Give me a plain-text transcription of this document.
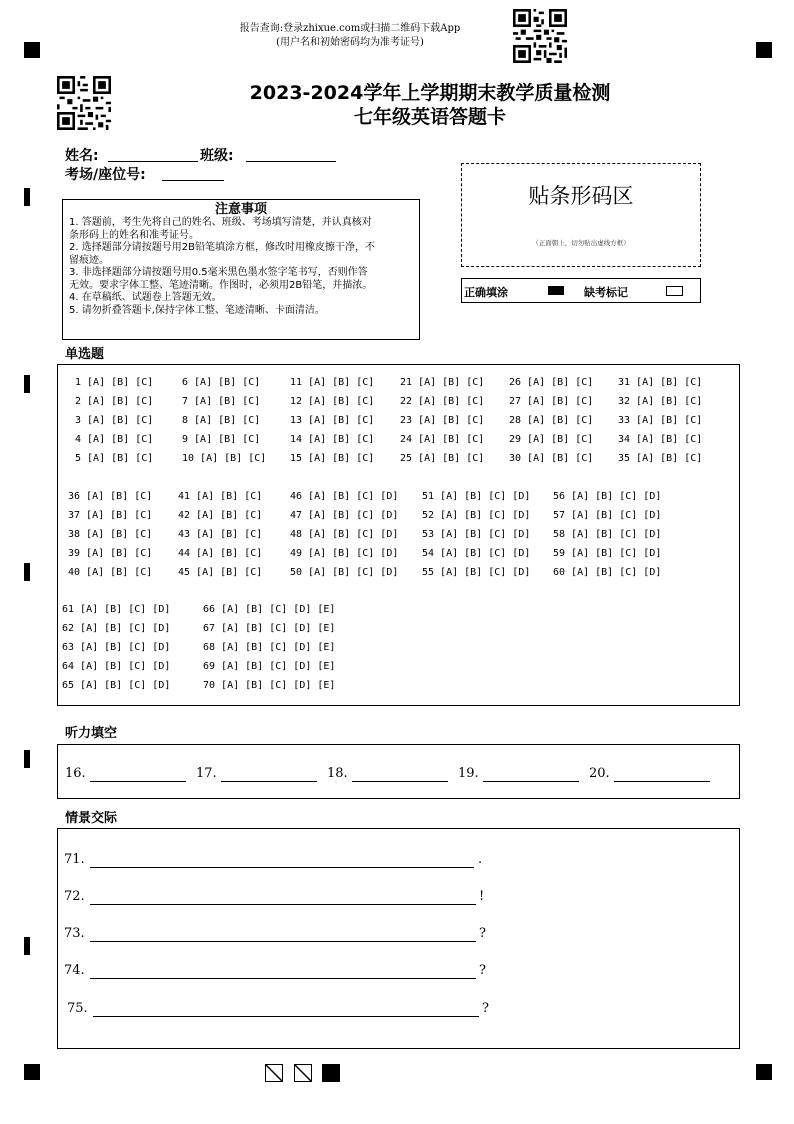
报告查询:登录zhixue.com或扫描二维码下载App
(用户名和初始密码均为准考证号)
2023-2024学年上学期期末教学质量检测
七年级英语答题卡
姓名:	班级:
考场/座位号:
注意事项
1. 答题前，考生先将自己的姓名、班级、考场填写清楚，并认真核对
条形码上的姓名和准考证号。
2. 选择题部分请按题号用2B铅笔填涂方框，修改时用橡皮擦干净，不
留痕迹。
3. 非选择题部分请按题号用0.5毫米黑色墨水签字笔书写，否则作答
无效。要求字体工整、笔迹清晰。作图时，必须用2B铅笔，并描浓。
4. 在草稿纸、试题卷上答题无效。
5. 请勿折叠答题卡,保持字体工整、笔迹清晰、卡面清洁。
贴条形码区
（正面朝上，切勿贴出虚线方框）
正确填涂	缺考标记
单选题
1 [A] [B] [C]
2 [A] [B] [C]
3 [A] [B] [C]
4 [A] [B] [C]
5 [A] [B] [C]
6 [A] [B] [C]
7 [A] [B] [C]
8 [A] [B] [C]
9 [A] [B] [C]
10 [A] [B] [C]
11 [A] [B] [C]
12 [A] [B] [C]
13 [A] [B] [C]
14 [A] [B] [C]
15 [A] [B] [C]
21 [A] [B] [C]
22 [A] [B] [C]
23 [A] [B] [C]
24 [A] [B] [C]
25 [A] [B] [C]
26 [A] [B] [C]
27 [A] [B] [C]
28 [A] [B] [C]
29 [A] [B] [C]
30 [A] [B] [C]
31 [A] [B] [C]
32 [A] [B] [C]
33 [A] [B] [C]
34 [A] [B] [C]
35 [A] [B] [C]
36 [A] [B] [C]
37 [A] [B] [C]
38 [A] [B] [C]
39 [A] [B] [C]
40 [A] [B] [C]
41 [A] [B] [C]
42 [A] [B] [C]
43 [A] [B] [C]
44 [A] [B] [C]
45 [A] [B] [C]
46 [A] [B] [C] [D]
47 [A] [B] [C] [D]
48 [A] [B] [C] [D]
49 [A] [B] [C] [D]
50 [A] [B] [C] [D]
51 [A] [B] [C] [D]
52 [A] [B] [C] [D]
53 [A] [B] [C] [D]
54 [A] [B] [C] [D]
55 [A] [B] [C] [D]
56 [A] [B] [C] [D]
57 [A] [B] [C] [D]
58 [A] [B] [C] [D]
59 [A] [B] [C] [D]
60 [A] [B] [C] [D]
61 [A] [B] [C] [D]
62 [A] [B] [C] [D]
63 [A] [B] [C] [D]
64 [A] [B] [C] [D]
65 [A] [B] [C] [D]
66 [A] [B] [C] [D] [E]
67 [A] [B] [C] [D] [E]
68 [A] [B] [C] [D] [E]
69 [A] [B] [C] [D] [E]
70 [A] [B] [C] [D] [E]
听力填空
16.	17.	18.	19.	20.
情景交际
71.	.
72.	!
73.	?
74.	?
75.	?
